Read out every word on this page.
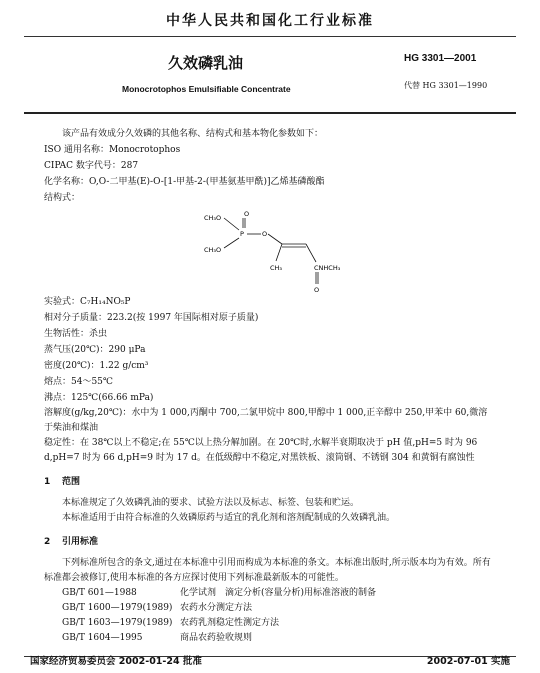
中华人民共和国化工行业标准
久效磷乳油
Monocrotophos Emulsifiable Concentrate
HG 3301—2001
代替 HG 3301—1990

该产品有效成分久效磷的其他名称、结构式和基本物化参数如下：

ISO 通用名称：Monocrotophos

CIPAC 数字代号：287

化学名称：O,O-二甲基(E)-O-[1-甲基-2-(甲基氨基甲酰)]乙烯基磷酸酯

结构式：

CH₃O
CH₃O
P
O
O
CH₃	CNHCH₃
O

实验式：C₇H₁₄NO₅P

相对分子质量：223.2(按 1997 年国际相对原子质量)

生物活性：杀虫

蒸气压(20℃)：290 μPa

密度(20℃)：1.22 g/cm³

熔点：54～55℃

沸点：125℃(66.66 mPa)

溶解度(g/kg,20℃)：水中为 1 000,丙酮中 700,二氯甲烷中 800,甲醇中 1 000,正辛醇中 250,甲苯中 60,微溶于柴油和煤油

稳定性：在 38℃以上不稳定;在 55℃以上热分解加剧。在 20℃时,水解半衰期取决于 pH 值,pH=5 时为 96 d,pH=7 时为 66 d,pH=9 时为 17 d。在低级醇中不稳定,对黑铁板、滚筒钢、不锈钢 304 和黄铜有腐蚀性

1 范围

本标准规定了久效磷乳油的要求、试验方法以及标志、标签、包装和贮运。

本标准适用于由符合标准的久效磷原药与适宜的乳化剂和溶剂配制成的久效磷乳油。

2 引用标准

下列标准所包含的条文,通过在本标准中引用而构成为本标准的条文。本标准出版时,所示版本均为有效。所有标准都会被修订,使用本标准的各方应探讨使用下列标准最新版本的可能性。

GB/T 601—1988	化学试剂　滴定分析(容量分析)用标准溶液的制备

GB/T 1600—1979(1989) 农药水分测定方法

GB/T 1603—1979(1989) 农药乳剂稳定性测定方法

GB/T 1604—1995	商品农药验收规则

国家经济贸易委员会 2002-01-24 批准	2002-07-01 实施
